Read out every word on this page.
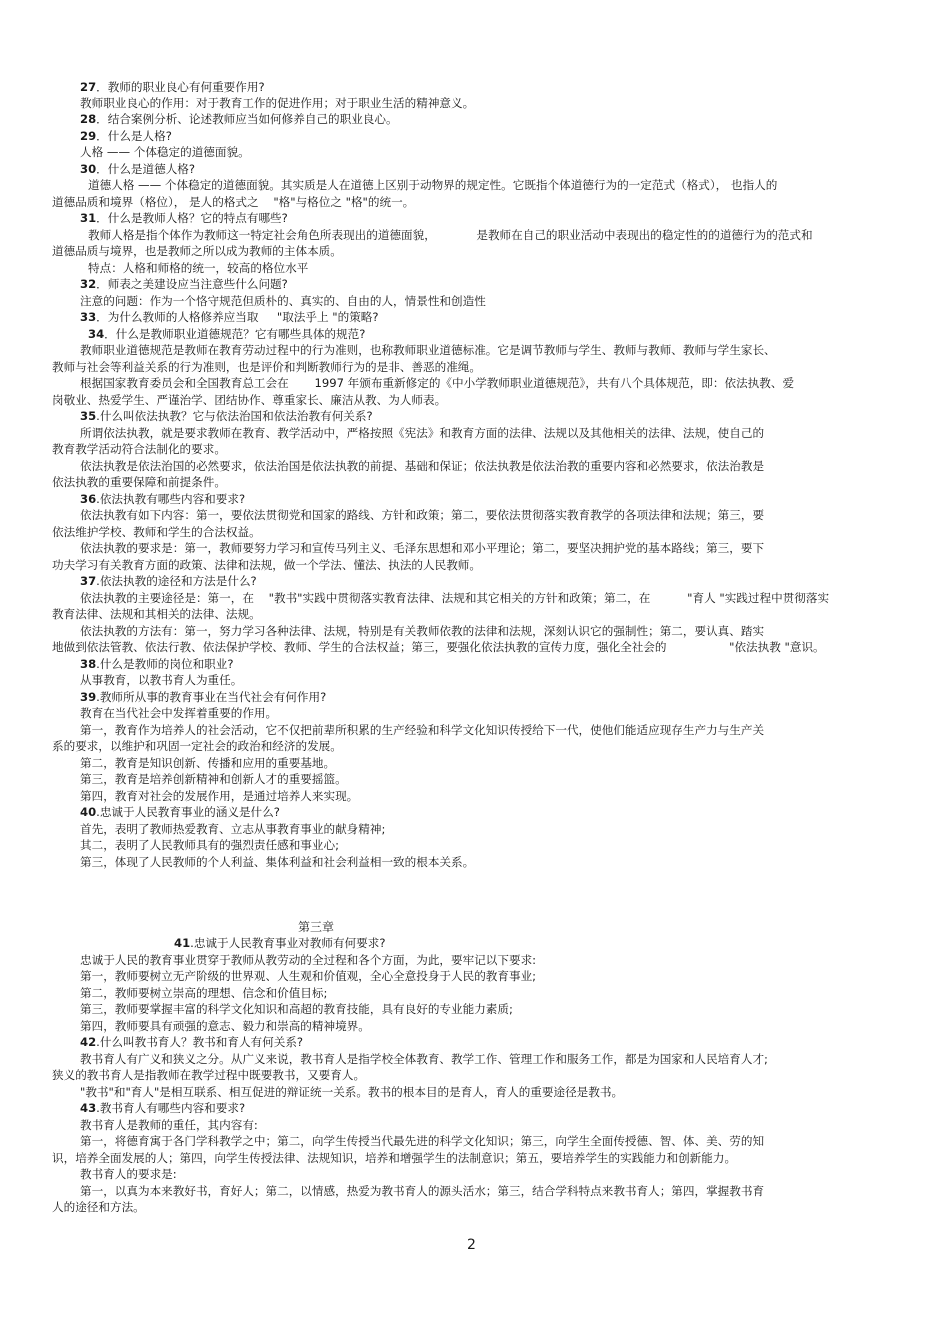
27．教师的职业良心有何重要作用?
教师职业良心的作用：对于教育工作的促进作用；对于职业生活的精神意义。
28．结合案例分析、论述教师应当如何修养自己的职业良心。
29．什么是人格?
人格 —— 个体稳定的道德面貌。
30．什么是道德人格?
道德人格 —— 个体稳定的道德面貌。其实质是人在道德上区别于动物界的规定性。它既指个体道德行为的一定范式（格式）， 也指人的
道德品质和境界（格位）， 是人的格式之    "格"与格位之 "格"的统一。
31．什么是教师人格？它的特点有哪些?
教师人格是指个体作为教师这一特定社会角色所表现出的道德面貌，           是教师在自己的职业活动中表现出的稳定性的的道德行为的范式和
道德品质与境界，也是教师之所以成为教师的主体本质。
特点：人格和师格的统一，较高的格位水平
32．师表之美建设应当注意些什么问题?
注意的问题：作为一个恪守规范但质朴的、真实的、自由的人，情景性和创造性
33．为什么教师的人格修养应当取     "取法乎上 "的策略?
34．什么是教师职业道德规范？它有哪些具体的规范?
教师职业道德规范是教师在教育劳动过程中的行为准则，也称教师职业道德标准。它是调节教师与学生、教师与教师、教师与学生家长、
教师与社会等利益关系的行为准则，也是评价和判断教师行为的是非、善恶的准绳。
根据国家教育委员会和全国教育总工会在       1997 年颁布重新修定的《中小学教师职业道德规范》，共有八个具体规范，即：依法执教、爱
岗敬业、热爱学生、严谨治学、团结协作、尊重家长、廉洁从教、为人师表。
35.什么叫依法执教？它与依法治国和依法治教有何关系?
所谓依法执教，就是要求教师在教育、教学活动中，严格按照《宪法》和教育方面的法律、法规以及其他相关的法律、法规，使自己的
教育教学活动符合法制化的要求。
依法执教是依法治国的必然要求，依法治国是依法执教的前提、基础和保证；依法执教是依法治教的重要内容和必然要求，依法治教是
依法执教的重要保障和前提条件。
36.依法执教有哪些内容和要求?
依法执教有如下内容：第一，要依法贯彻党和国家的路线、方针和政策；第二，要依法贯彻落实教育教学的各项法律和法规；第三，要
依法维护学校、教师和学生的合法权益。
依法执教的要求是：第一，教师要努力学习和宣传马列主义、毛泽东思想和邓小平理论；第二，要坚决拥护党的基本路线；第三，要下
功夫学习有关教育方面的政策、法律和法规，做一个学法、懂法、执法的人民教师。
37.依法执教的途径和方法是什么?
依法执教的主要途径是：第一，在    "教书"实践中贯彻落实教育法律、法规和其它相关的方针和政策；第二，在          "育人 "实践过程中贯彻落实
教育法律、法规和其相关的法律、法规。
依法执教的方法有：第一，努力学习各种法律、法规，特别是有关教师依教的法律和法规，深刻认识它的强制性；第二，要认真、踏实
地做到依法管教、依法行教、依法保护学校、教师、学生的合法权益；第三，要强化依法执教的宣传力度，强化全社会的                 "依法执教 "意识。
38.什么是教师的岗位和职业?
从事教育，以教书育人为重任。
39.教师所从事的教育事业在当代社会有何作用?
教育在当代社会中发挥着重要的作用。
第一，教育作为培养人的社会活动，它不仅把前辈所积累的生产经验和科学文化知识传授给下一代，使他们能适应现存生产力与生产关
系的要求，以维护和巩固一定社会的政治和经济的发展。
第二，教育是知识创新、传播和应用的重要基地。
第三，教育是培养创新精神和创新人才的重要摇篮。
第四，教育对社会的发展作用，是通过培养人来实现。
40.忠诚于人民教育事业的涵义是什么?
首先，表明了教师热爱教育、立志从事教育事业的献身精神;
其二，表明了人民教师具有的强烈责任感和事业心;
第三，体现了人民教师的个人利益、集体利益和社会利益相一致的根本关系。
第三章
41.忠诚于人民教育事业对教师有何要求?
忠诚于人民的教育事业贯穿于教师从教劳动的全过程和各个方面，为此，要牢记以下要求:
第一，教师要树立无产阶级的世界观、人生观和价值观，全心全意投身于人民的教育事业;
第二，教师要树立崇高的理想、信念和价值目标;
第三，教师要掌握丰富的科学文化知识和高超的教育技能，具有良好的专业能力素质;
第四，教师要具有顽强的意志、毅力和崇高的精神境界。
42.什么叫教书育人？教书和育人有何关系?
教书育人有广义和狭义之分。从广义来说，教书育人是指学校全体教育、教学工作、管理工作和服务工作，都是为国家和人民培育人才;
狭义的教书育人是指教师在教学过程中既要教书，又要育人。
"教书"和"育人"是相互联系、相互促进的辩证统一关系。教书的根本目的是育人，育人的重要途径是教书。
43.教书育人有哪些内容和要求?
教书育人是教师的重任，其内容有:
第一，将德育寓于各门学科教学之中；第二，向学生传授当代最先进的科学文化知识；第三，向学生全面传授德、智、体、美、劳的知
识，培养全面发展的人；第四，向学生传授法律、法规知识，培养和增强学生的法制意识；第五，要培养学生的实践能力和创新能力。
教书育人的要求是:
第一，以真为本来教好书，育好人；第二，以情感，热爱为教书育人的源头活水；第三，结合学科特点来教书育人；第四，掌握教书育
人的途径和方法。
2
